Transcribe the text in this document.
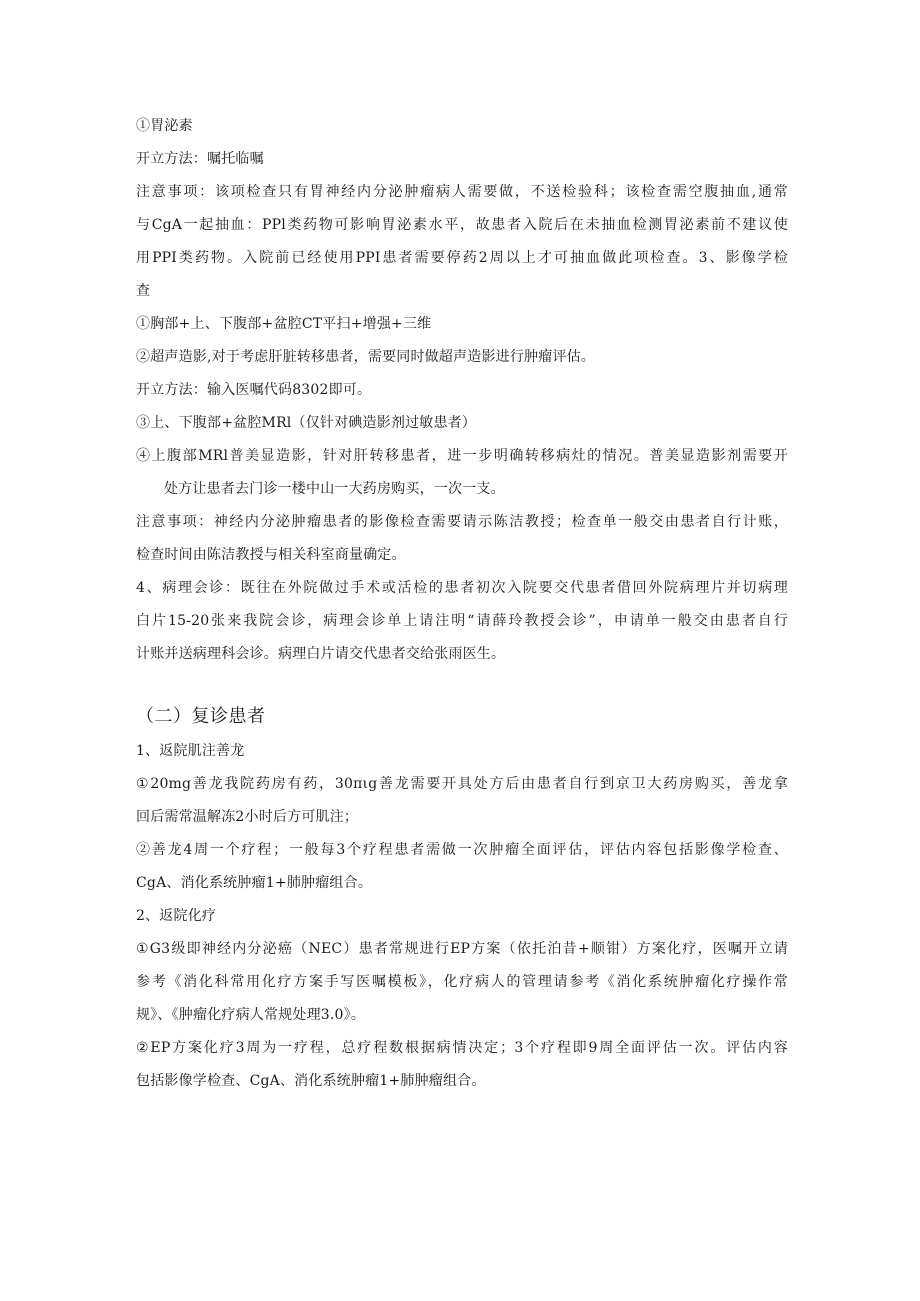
①胃泌素
开立方法：嘱托临嘱
注意事项：该项检查只有胃神经内分泌肿瘤病人需要做，不送检验科；该检查需空腹抽血,通常
与CgA一起抽血：PPl类药物可影响胃泌素水平，故患者入院后在未抽血检测胃泌素前不建议使
用PPI类药物。入院前已经使用PPI患者需要停药2周以上才可抽血做此项检查。3、影像学检
查
①胸部+上、下腹部+盆腔CT平扫+增强+三维
②超声造影,对于考虑肝脏转移患者，需要同时做超声造影进行肿瘤评估。
开立方法：输入医嘱代码8302即可。
③上、下腹部+盆腔MRl（仅针对碘造影剂过敏患者）
④上腹部MRl普美显造影，针对肝转移患者，进一步明确转移病灶的情况。普美显造影剂需要开
处方让患者去门诊一楼中山一大药房购买，一次一支。
注意事项：神经内分泌肿瘤患者的影像检查需要请示陈洁教授；检查单一般交由患者自行计账，
检查时间由陈洁教授与相关科室商量确定。
4、病理会诊：既往在外院做过手术或活检的患者初次入院要交代患者借回外院病理片并切病理
白片15-20张来我院会诊，病理会诊单上请注明“请薛玲教授会诊”，申请单一般交由患者自行
计账并送病理科会诊。病理白片请交代患者交给张雨医生。
（二）复诊患者
1、返院肌注善龙
①20mg善龙我院药房有药，30πιg善龙需要开具处方后由患者自行到京卫大药房购买，善龙拿
回后需常温解冻2小时后方可肌注；
②善龙4周一个疗程；一般每3个疗程患者需做一次肿瘤全面评估，评估内容包括影像学检查、
CgA、消化系统肿瘤1+肺肿瘤组合。
2、返院化疗
①G3级即神经内分泌癌（NEC）患者常规进行EP方案（依托泊昔+顺钳）方案化疗，医嘱开立请
参考《消化科常用化疗方案手写医嘱模板》，化疗病人的管理请参考《消化系统肿瘤化疗操作常
规》、《肿瘤化疗病人常规处理3.0》。
②EP方案化疗3周为一疗程，总疗程数根据病情决定；3个疗程即9周全面评估一次。评估内容
包括影像学检查、CgA、消化系统肿瘤1+肺肿瘤组合。
